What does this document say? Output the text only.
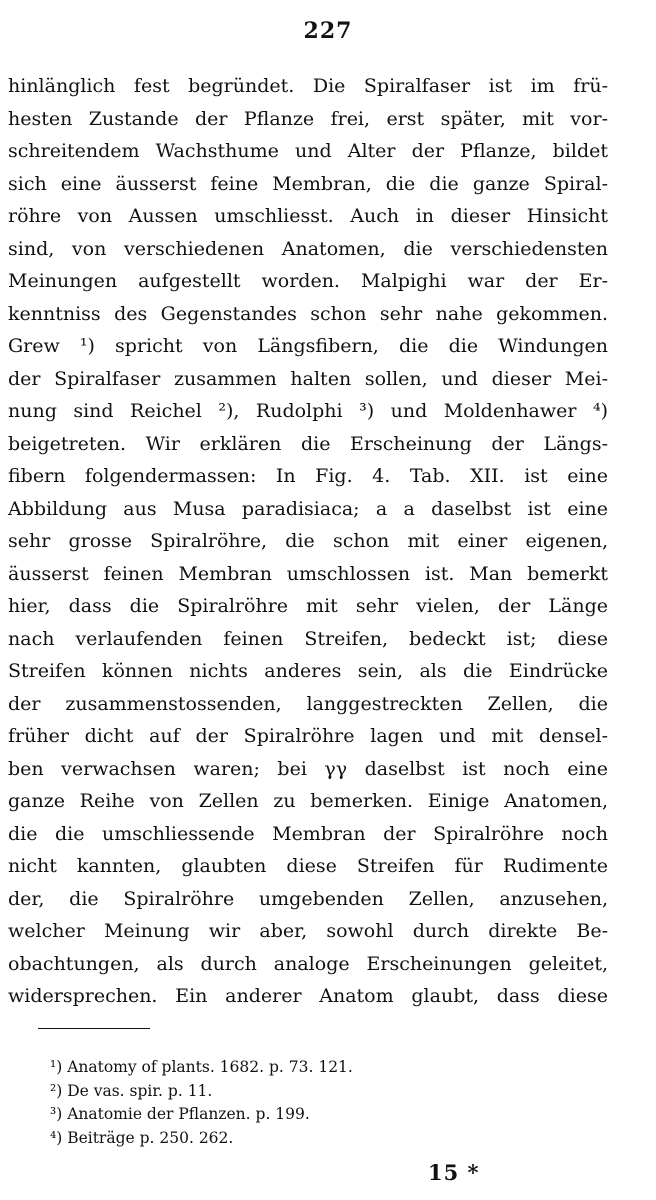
227
hinlänglich fest begründet. Die Spiralfaser ist im frü-
hesten Zustande der Pflanze frei, erst später, mit vor-
schreitendem Wachsthume und Alter der Pflanze, bildet
sich eine äusserst feine Membran, die die ganze Spiral-
röhre von Aussen umschliesst. Auch in dieser Hinsicht
sind, von verschiedenen Anatomen, die verschiedensten
Meinungen aufgestellt worden. Malpighi war der Er-
kenntniss des Gegenstandes schon sehr nahe gekommen.
Grew ¹) spricht von Längsfibern, die die Windungen
der Spiralfaser zusammen halten sollen, und dieser Mei-
nung sind Reichel ²), Rudolphi ³) und Moldenhawer ⁴)
beigetreten. Wir erklären die Erscheinung der Längs-
fibern folgendermassen: In Fig. 4. Tab. XII. ist eine
Abbildung aus Musa paradisiaca; a a daselbst ist eine
sehr grosse Spiralröhre, die schon mit einer eigenen,
äusserst feinen Membran umschlossen ist. Man bemerkt
hier, dass die Spiralröhre mit sehr vielen, der Länge
nach verlaufenden feinen Streifen, bedeckt ist; diese
Streifen können nichts anderes sein, als die Eindrücke
der zusammenstossenden, langgestreckten Zellen, die
früher dicht auf der Spiralröhre lagen und mit densel-
ben verwachsen waren; bei γγ daselbst ist noch eine
ganze Reihe von Zellen zu bemerken. Einige Anatomen,
die die umschliessende Membran der Spiralröhre noch
nicht kannten, glaubten diese Streifen für Rudimente
der, die Spiralröhre umgebenden Zellen, anzusehen,
welcher Meinung wir aber, sowohl durch direkte Be-
obachtungen, als durch analoge Erscheinungen geleitet,
widersprechen. Ein anderer Anatom glaubt, dass diese
¹) Anatomy of plants. 1682. p. 73. 121.
²) De vas. spir. p. 11.
³) Anatomie der Pflanzen. p. 199.
⁴) Beiträge p. 250. 262.
15 *
